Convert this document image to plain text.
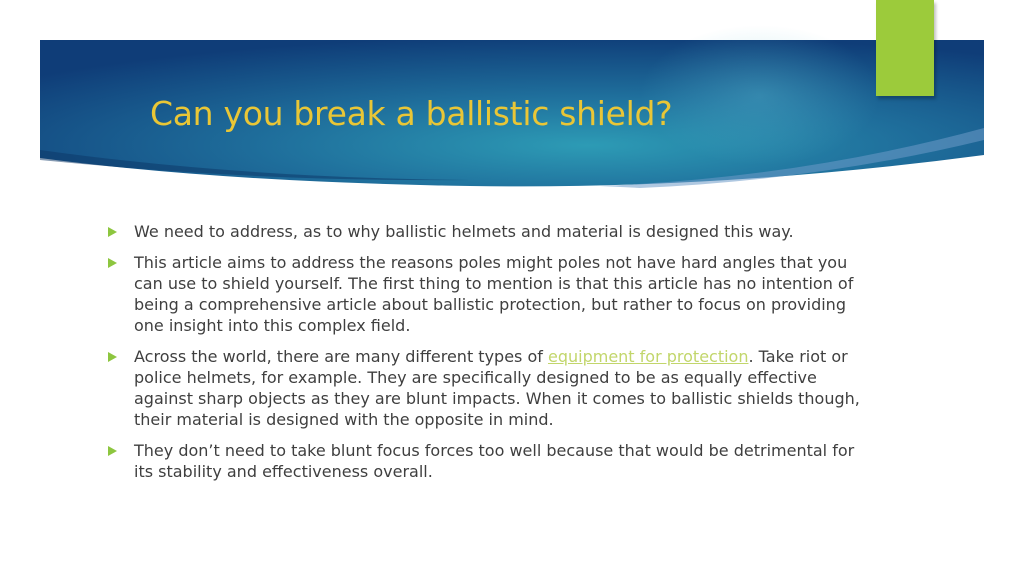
Can you break a ballistic shield?
We need to address, as to why ballistic helmets and material is designed this way.
This article aims to address the reasons poles might poles not have hard angles that you can use to shield yourself. The first thing to mention is that this article has no intention of being a comprehensive article about ballistic protection, but rather to focus on providing one insight into this complex field.
Across the world, there are many different types of equipment for protection. Take riot or police helmets, for example. They are specifically designed to be as equally effective against sharp objects as they are blunt impacts. When it comes to ballistic shields though, their material is designed with the opposite in mind.
They don’t need to take blunt focus forces too well because that would be detrimental for its stability and effectiveness overall.
